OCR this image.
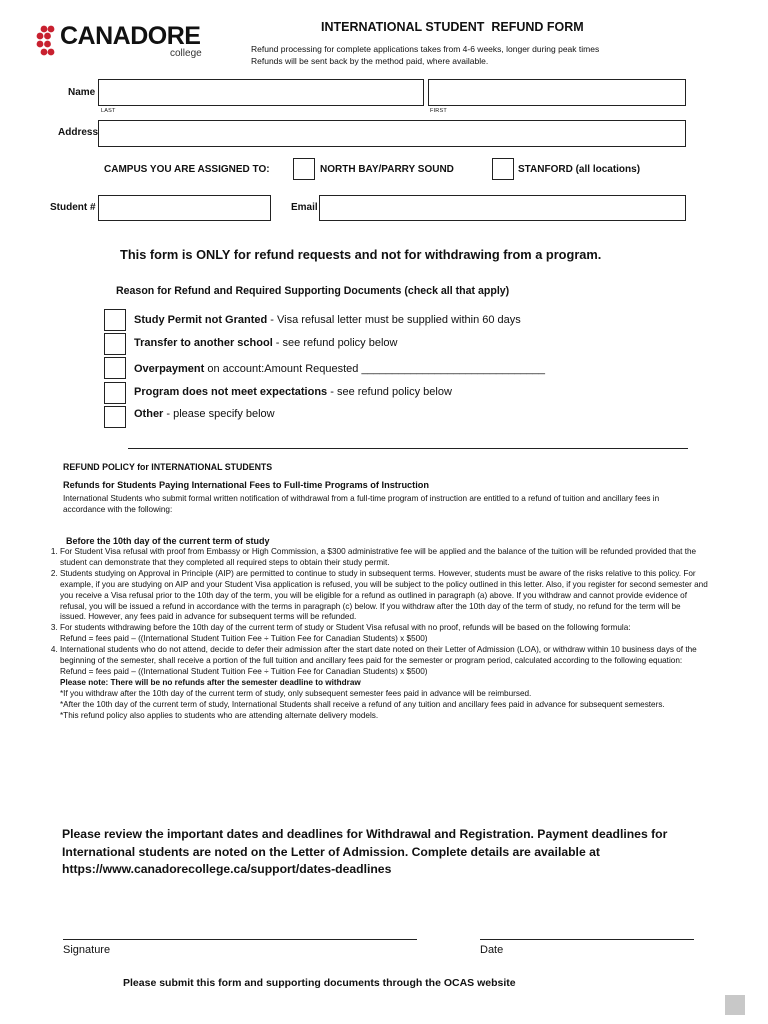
CANADORE
college
INTERNATIONAL STUDENT  REFUND FORM
Refund processing for complete applications takes from 4-6 weeks, longer during peak times
Refunds will be sent back by the method paid, where available.
Name
LAST	FIRST
Address
CAMPUS YOU ARE ASSIGNED TO:	NORTH BAY/PARRY SOUND	STANFORD (all locations)
Student #	Email
This form is ONLY for refund requests and not for withdrawing from a program.
Reason for Refund and Required Supporting Documents (check all that apply)
Study Permit not Granted - Visa refusal letter must be supplied within 60 days
Transfer to another school - see refund policy below
Overpayment on account:Amount Requested ______________________________
Program does not meet expectations - see refund policy below
Other - please specify below
REFUND POLICY for INTERNATIONAL STUDENTS
Refunds for Students Paying International Fees to Full-time Programs of Instruction
International Students who submit formal written notification of withdrawal from a full-time program of instruction are entitled to a refund of tuition and ancillary fees in accordance with the following:
Before the 10th day of the current term of study
1. For Student Visa refusal with proof from Embassy or High Commission, a $300 administrative fee will be applied and the balance of the tuition will be refunded provided that the student can demonstrate that they completed all required steps to obtain their study permit.
2. Students studying on Approval in Principle (AIP) are permitted to continue to study in subsequent terms. However, students must be aware of the risks relative to this policy. For example, if you are studying on AIP and your Student Visa application is refused, you will be subject to the policy outlined in this letter. Also, if you register for second semester and you receive a Visa refusal prior to the 10th day of the term, you will be eligible for a refund as outlined in paragraph (a) above. If you withdraw and cannot provide evidence of refusal, you will be issued a refund in accordance with the terms in paragraph (c) below. If you withdraw after the 10th day of the term of study, no refund for the term will be issued. However, any fees paid in advance for subsequent terms will be refunded.
3. For students withdrawing before the 10th day of the current term of study or Student Visa refusal with no proof, refunds will be based on the following formula:
Refund = fees paid – ((International Student Tuition Fee ÷ Tuition Fee for Canadian Students) x $500)
4. International students who do not attend, decide to defer their admission after the start date noted on their Letter of Admission (LOA), or withdraw within 10 business days of the beginning of the semester, shall receive a portion of the full tuition and ancillary fees paid for the semester or program period, calculated according to the following equation:
Refund = fees paid – ((International Student Tuition Fee ÷ Tuition Fee for Canadian Students) x $500)
Please note: There will be no refunds after the semester deadline to withdraw
*If you withdraw after the 10th day of the current term of study, only subsequent semester fees paid in advance will be reimbursed.
*After the 10th day of the current term of study, International Students shall receive a refund of any tuition and ancillary fees paid in advance for subsequent semesters.
*This refund policy also applies to students who are attending alternate delivery models.
Please review the important dates and deadlines for Withdrawal and Registration. Payment deadlines for International students are noted on the Letter of Admission. Complete details are available at https://www.canadorecollege.ca/support/dates-deadlines
Signature	Date
Please submit this form and supporting documents through the OCAS website
